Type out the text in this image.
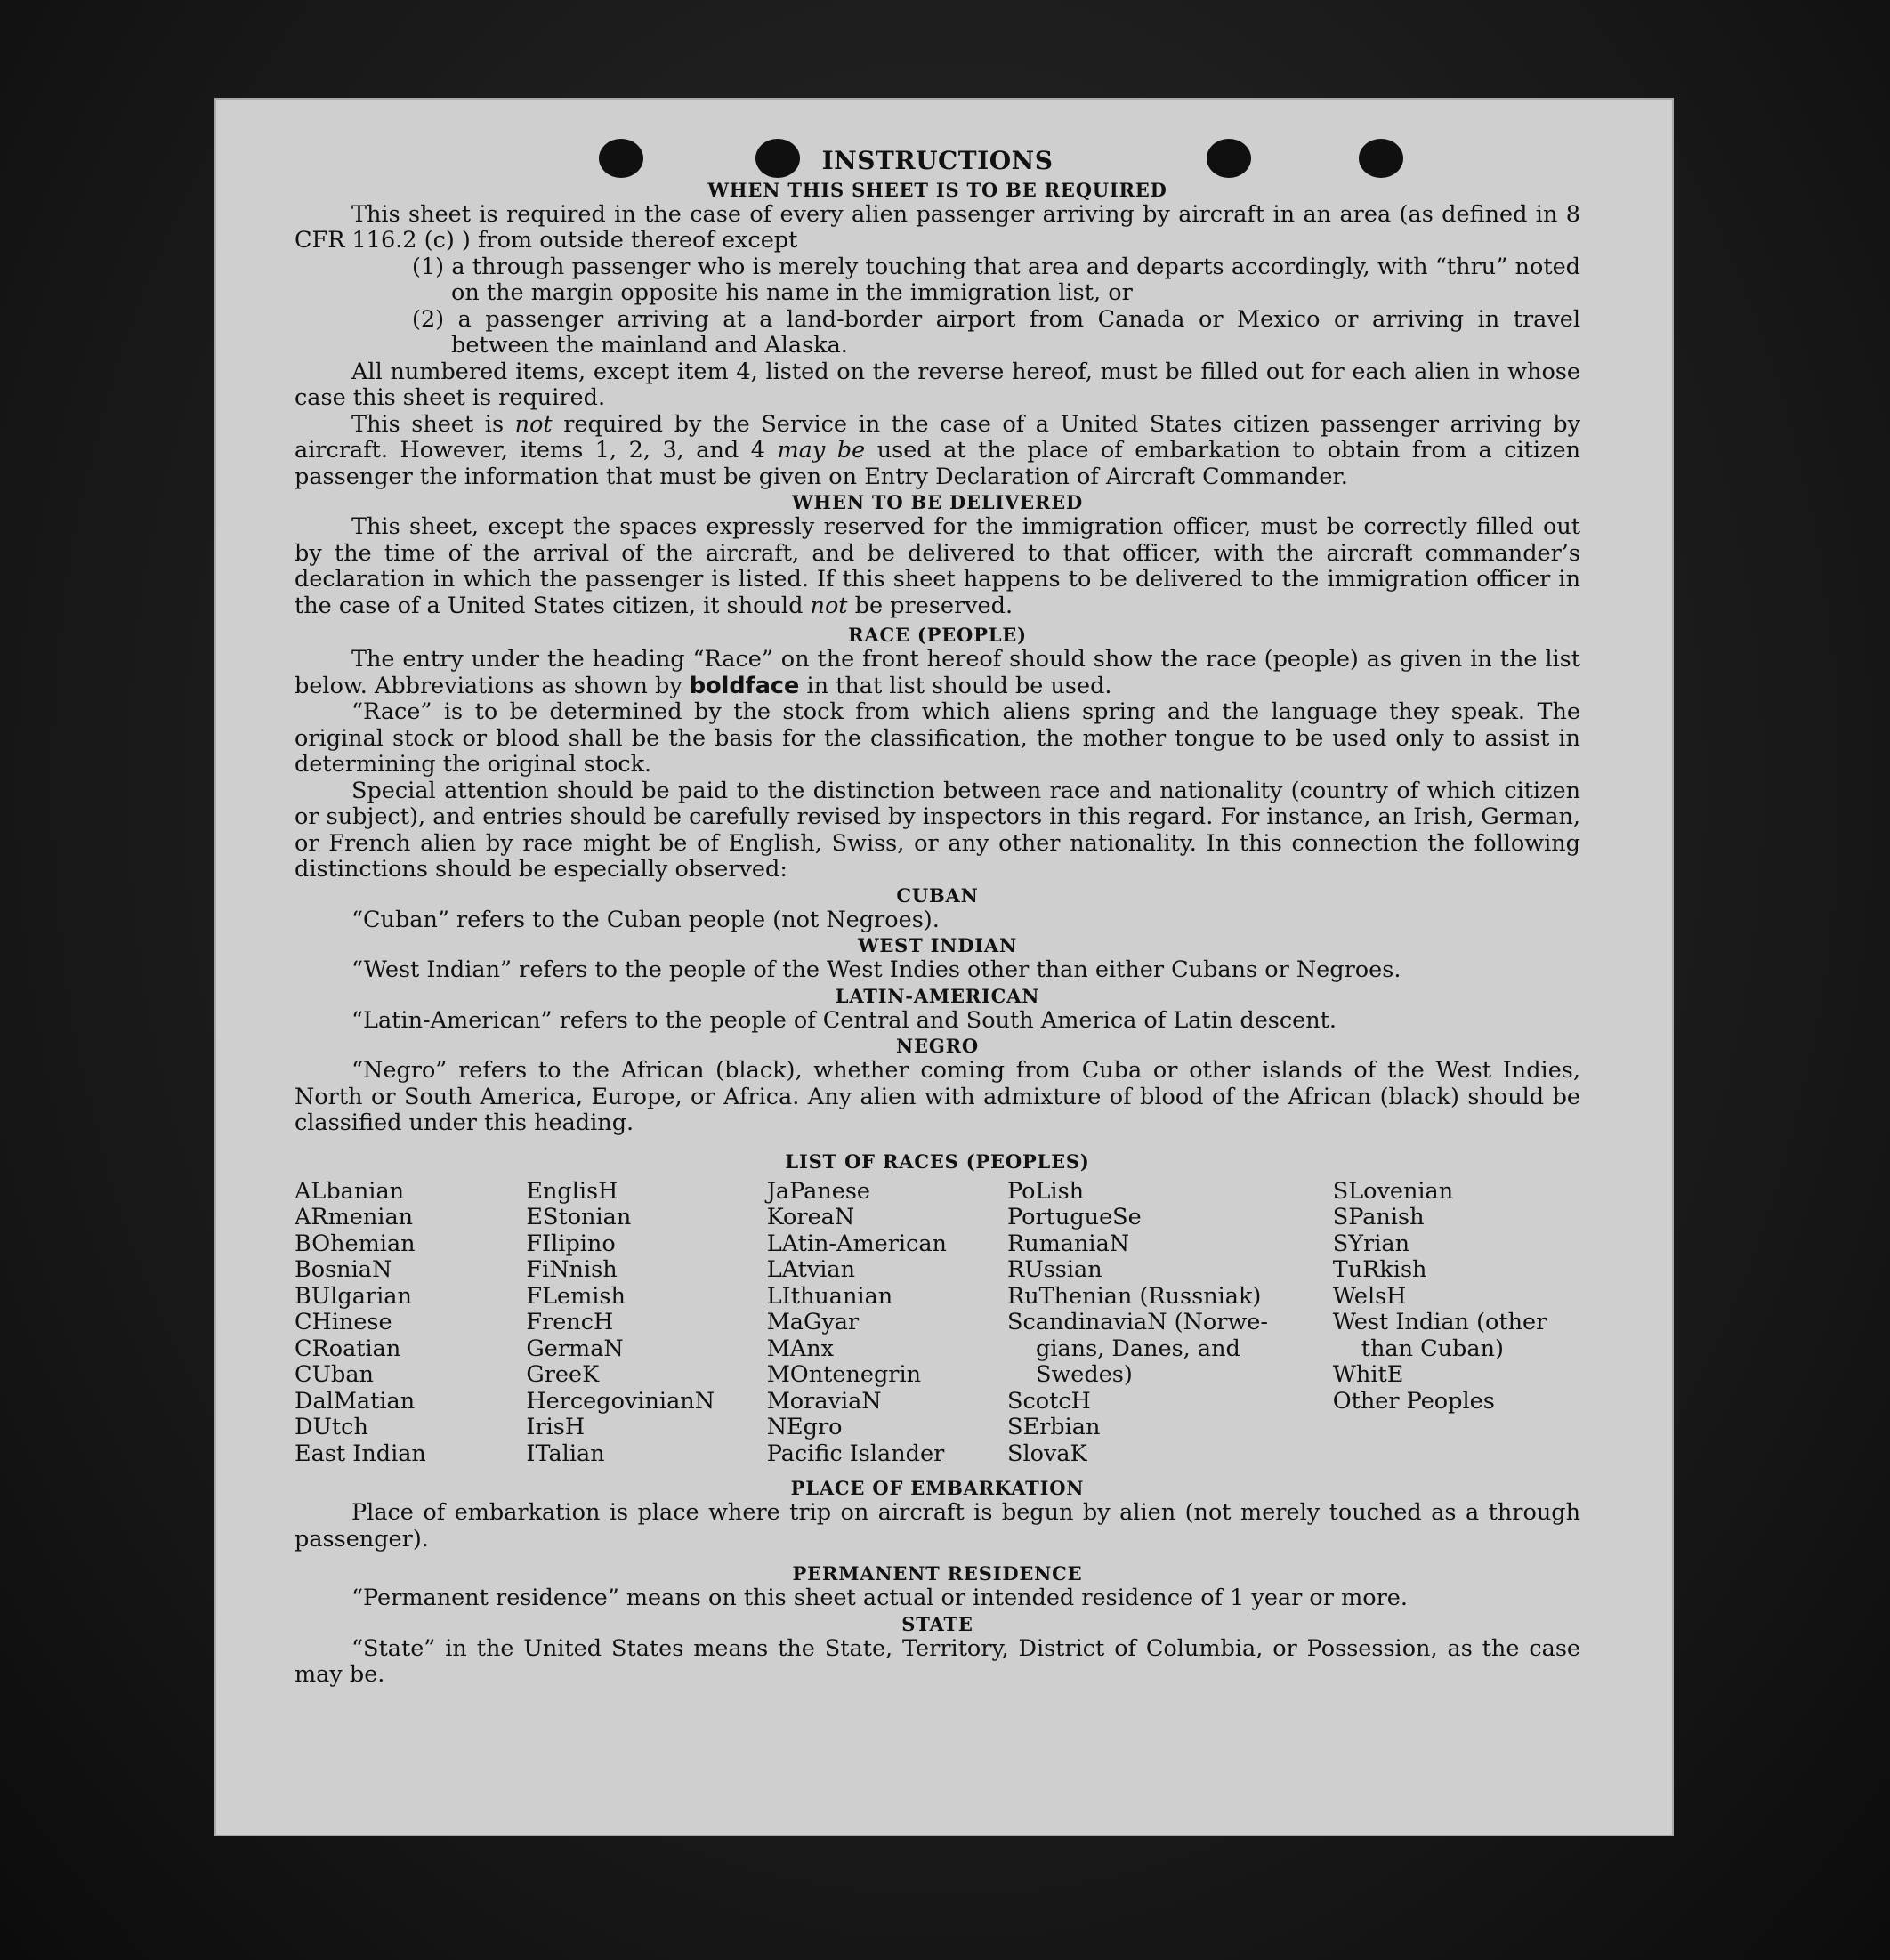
INSTRUCTIONS
WHEN THIS SHEET IS TO BE REQUIRED

This sheet is required in the case of every alien passenger arriving by aircraft in an area (as defined in 8 CFR 116.2 (c) ) from outside thereof except

(1) a through passenger who is merely touching that area and departs accordingly, with “thru” noted on the margin opposite his name in the immigration list, or

(2) a passenger arriving at a land-border airport from Canada or Mexico or arriving in travel between the mainland and Alaska.

All numbered items, except item 4, listed on the reverse hereof, must be filled out for each alien in whose case this sheet is required.

This sheet is not required by the Service in the case of a United States citizen passenger arriving by aircraft. However, items 1, 2, 3, and 4 may be used at the place of embarkation to obtain from a citizen passenger the information that must be given on Entry Declaration of Aircraft Commander.

WHEN TO BE DELIVERED

This sheet, except the spaces expressly reserved for the immigration officer, must be correctly filled out by the time of the arrival of the aircraft, and be delivered to that officer, with the aircraft commander’s declaration in which the passenger is listed. If this sheet happens to be delivered to the immigration officer in the case of a United States citizen, it should not be preserved.

RACE (PEOPLE)

The entry under the heading “Race” on the front hereof should show the race (people) as given in the list below. Abbreviations as shown by boldface in that list should be used.

“Race” is to be determined by the stock from which aliens spring and the language they speak. The original stock or blood shall be the basis for the classification, the mother tongue to be used only to assist in determining the original stock.

Special attention should be paid to the distinction between race and nationality (country of which citizen or subject), and entries should be carefully revised by inspectors in this regard. For instance, an Irish, German, or French alien by race might be of English, Swiss, or any other nationality. In this connection the following distinctions should be especially observed:

CUBAN

“Cuban” refers to the Cuban people (not Negroes).

WEST INDIAN

“West Indian” refers to the people of the West Indies other than either Cubans or Negroes.

LATIN-AMERICAN

“Latin-American” refers to the people of Central and South America of Latin descent.

NEGRO

“Negro” refers to the African (black), whether coming from Cuba or other islands of the West Indies, North or South America, Europe, or Africa. Any alien with admixture of blood of the African (black) should be classified under this heading.

LIST OF RACES (PEOPLES)
ALbanian
ARmenian
BOhemian
BosniaN
BUlgarian
CHinese
CRoatian
CUban
DalMatian
DUtch
East Indian
EnglisH
EStonian
FIlipino
FiNnish
FLemish
FrencH
GermaN
GreeK
HercegovinianN
IrisH
ITalian
JaPanese
KoreaN
LAtin-American
LAtvian
LIthuanian
MaGyar
MAnx
MOntenegrin
MoraviaN
NEgro
Pacific Islander
PoLish
PortugueSe
RumaniaN
RUssian
RuThenian (Russniak)
ScandinaviaN (Norwe-
gians, Danes, and
Swedes)
ScotcH
SErbian
SlovaK
SLovenian
SPanish
SYrian
TuRkish
WelsH
West Indian (other
than Cuban)
WhitE
Other Peoples
PLACE OF EMBARKATION

Place of embarkation is place where trip on aircraft is begun by alien (not merely touched as a through passenger).

PERMANENT RESIDENCE

“Permanent residence” means on this sheet actual or intended residence of 1 year or more.

STATE

“State” in the United States means the State, Territory, District of Columbia, or Possession, as the case may be.
